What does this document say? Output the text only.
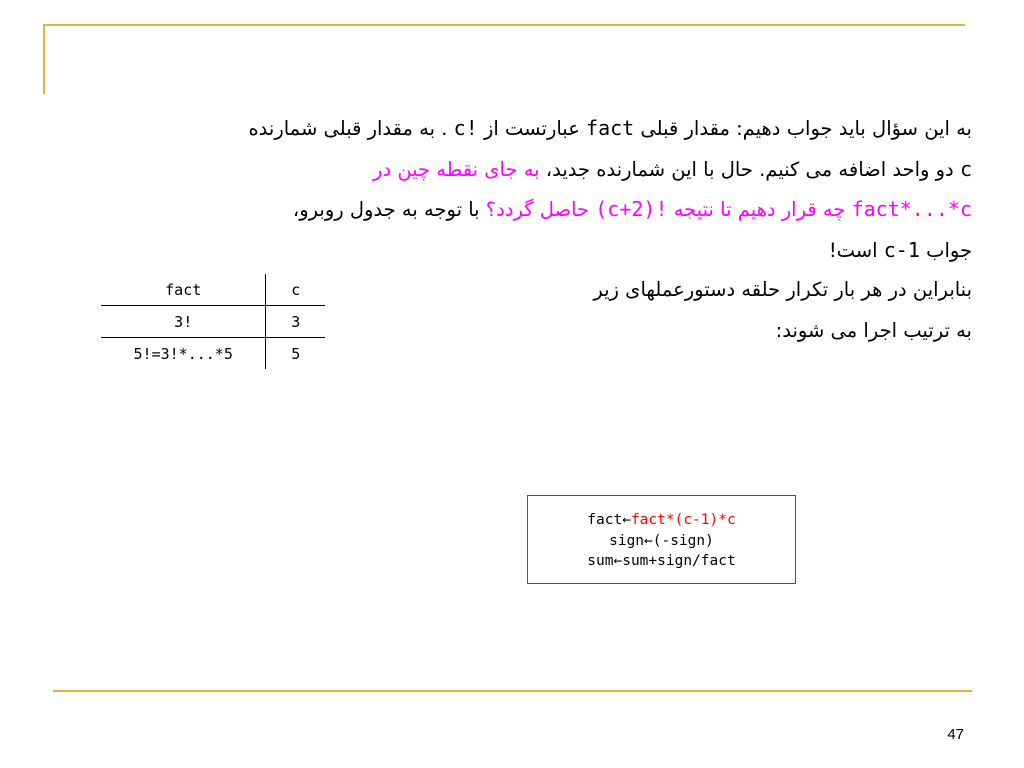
به این سؤال باید جواب دهیم: مقدار قبلی fact عبارتست از c! . به مقدار قبلی شمارنده
c دو واحد اضافه می کنیم. حال با این شمارنده جدید، به جای نقطه چین در
fact*...*c چه قرار دهیم تا نتیجه (c+2)! حاصل گردد؟ با توجه به جدول روبرو،
جواب c-1 است!
بنابراین در هر بار تکرار حلقه دستورعملهای زیر
به ترتیب اجرا می شوند:
fact	c
3!	3
5!=3!*...*5	5
fact←fact*(c-1)*c
sign←(-sign)
sum←sum+sign/fact
47
